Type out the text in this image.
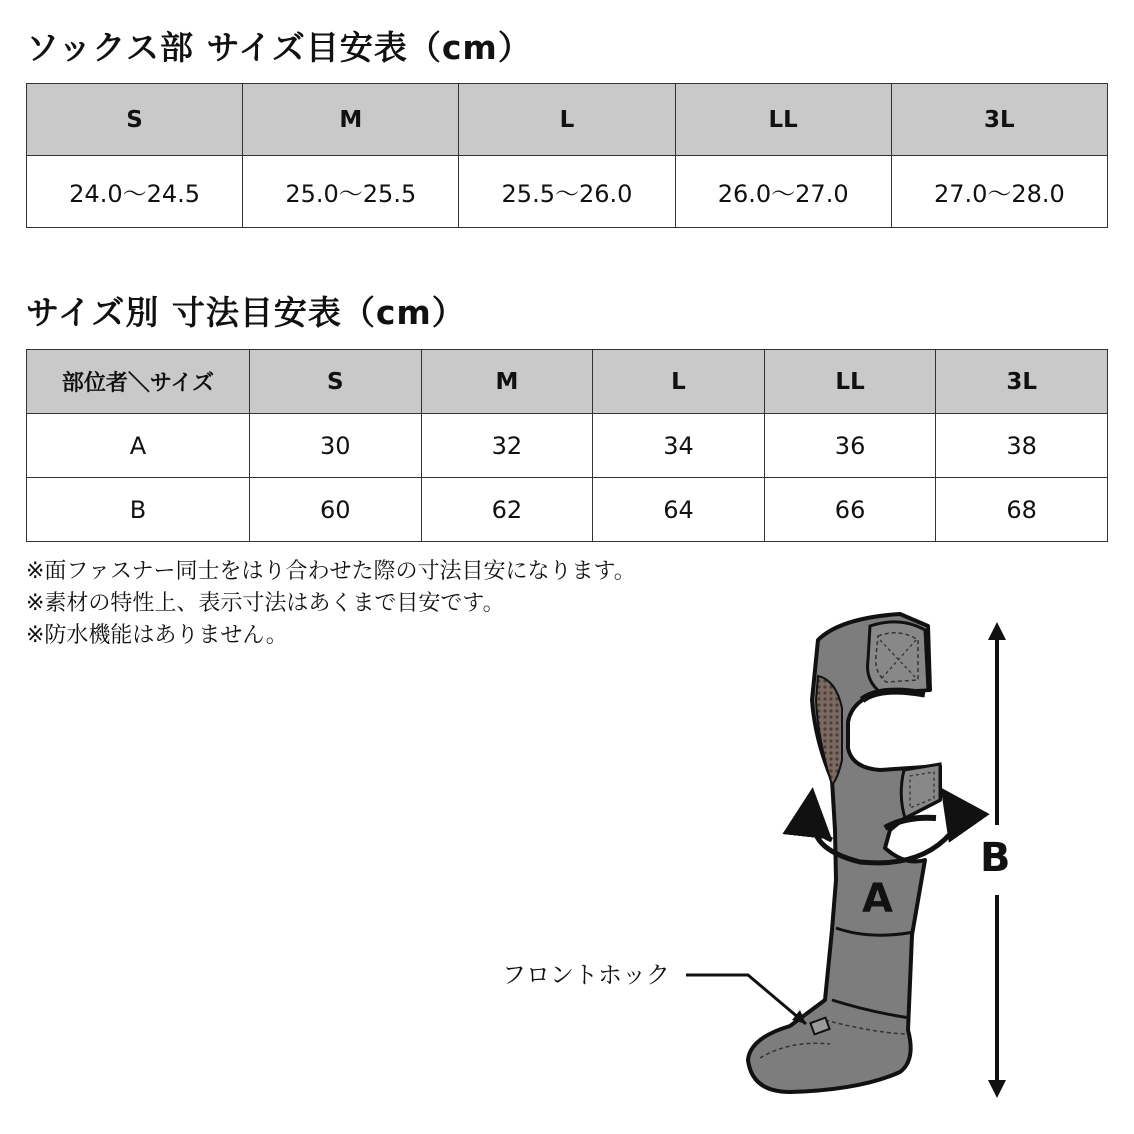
ソックス部 サイズ目安表（cm）
S	M	L	LL	3L
24.0～24.5	25.0～25.5	25.5～26.0	26.0～27.0	27.0～28.0
サイズ別 寸法目安表（cm）
部位者＼サイズ	S	M	L	LL	3L
A	30	32	34	36	38
B	60	62	64	66	68
※面ファスナー同士をはり合わせた際の寸法目安になります。
※素材の特性上、表示寸法はあくまで目安です。
※防水機能はありません。
A
B
フロントホック
